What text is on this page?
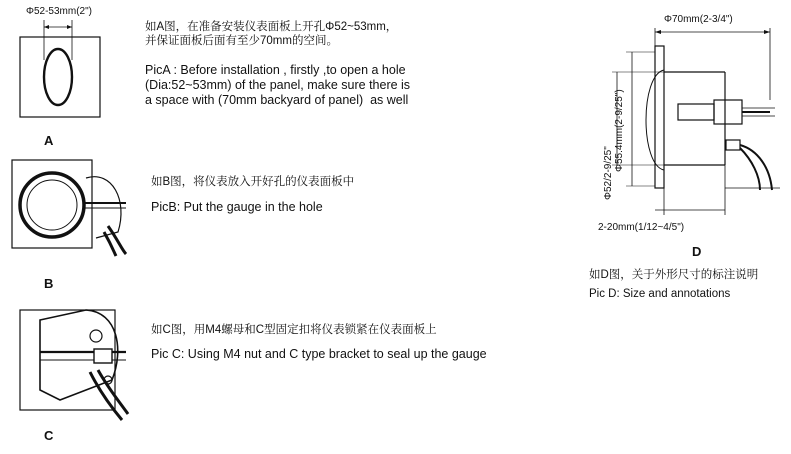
Φ52-53mm(2")
A
如A图，在准备安装仪表面板上开孔Φ52~53mm，
并保证面板后面有至少70mm的空间。
PicA : Before installation , firstly ,to open a hole
(Dia:52~53mm) of the panel, make sure there is
a space with (70mm backyard of panel)  as well
B
如B图，将仪表放入开好孔的仪表面板中
PicB: Put the gauge in the hole
C
如C图，用M4螺母和C型固定扣将仪表锁紧在仪表面板上
Pic C: Using M4 nut and C type bracket to seal up the gauge
Φ70mm(2-3/4")
Φ52/2-9/25"
Φ55.4mm(2-9/25")
2-20mm(1/12~4/5")
D
如D图，关于外形尺寸的标注说明
Pic D: Size and annotations
